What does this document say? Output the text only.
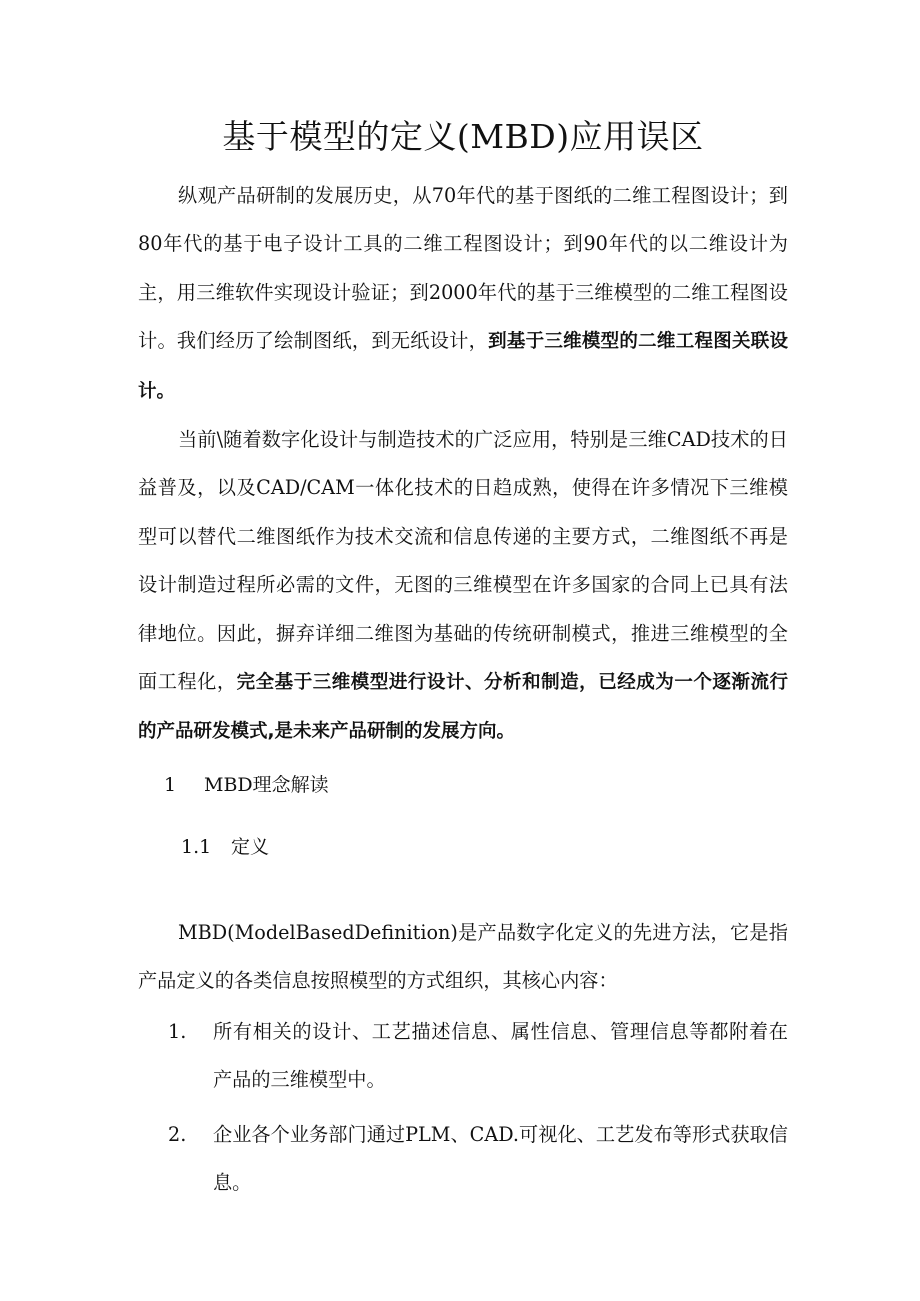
基于模型的定义(MBD)应用误区

纵观产品研制的发展历史，从70年代的基于图纸的二维工程图设计；到80年代的基于电子设计工具的二维工程图设计；到90年代的以二维设计为主，用三维软件实现设计验证；到2000年代的基于三维模型的二维工程图设计。我们经历了绘制图纸，到无纸设计，到基于三维模型的二维工程图关联设计。

当前\随着数字化设计与制造技术的广泛应用，特别是三维CAD技术的日益普及，以及CAD/CAM一体化技术的日趋成熟，使得在许多情况下三维模型可以替代二维图纸作为技术交流和信息传递的主要方式，二维图纸不再是设计制造过程所必需的文件，无图的三维模型在许多国家的合同上已具有法律地位。因此，摒弃详细二维图为基础的传统研制模式，推进三维模型的全面工程化，完全基于三维模型进行设计、分析和制造，已经成为一个逐渐流行的产品研发模式,是未来产品研制的发展方向。

1 MBD理念解读

1.1 定义

MBD(ModelBasedDefinition)是产品数字化定义的先进方法，它是指产品定义的各类信息按照模型的方式组织，其核心内容：

1.	所有相关的设计、工艺描述信息、属性信息、管理信息等都附着在产品的三维模型中。
2.	企业各个业务部门通过PLM、CAD.可视化、工艺发布等形式获取信息。
